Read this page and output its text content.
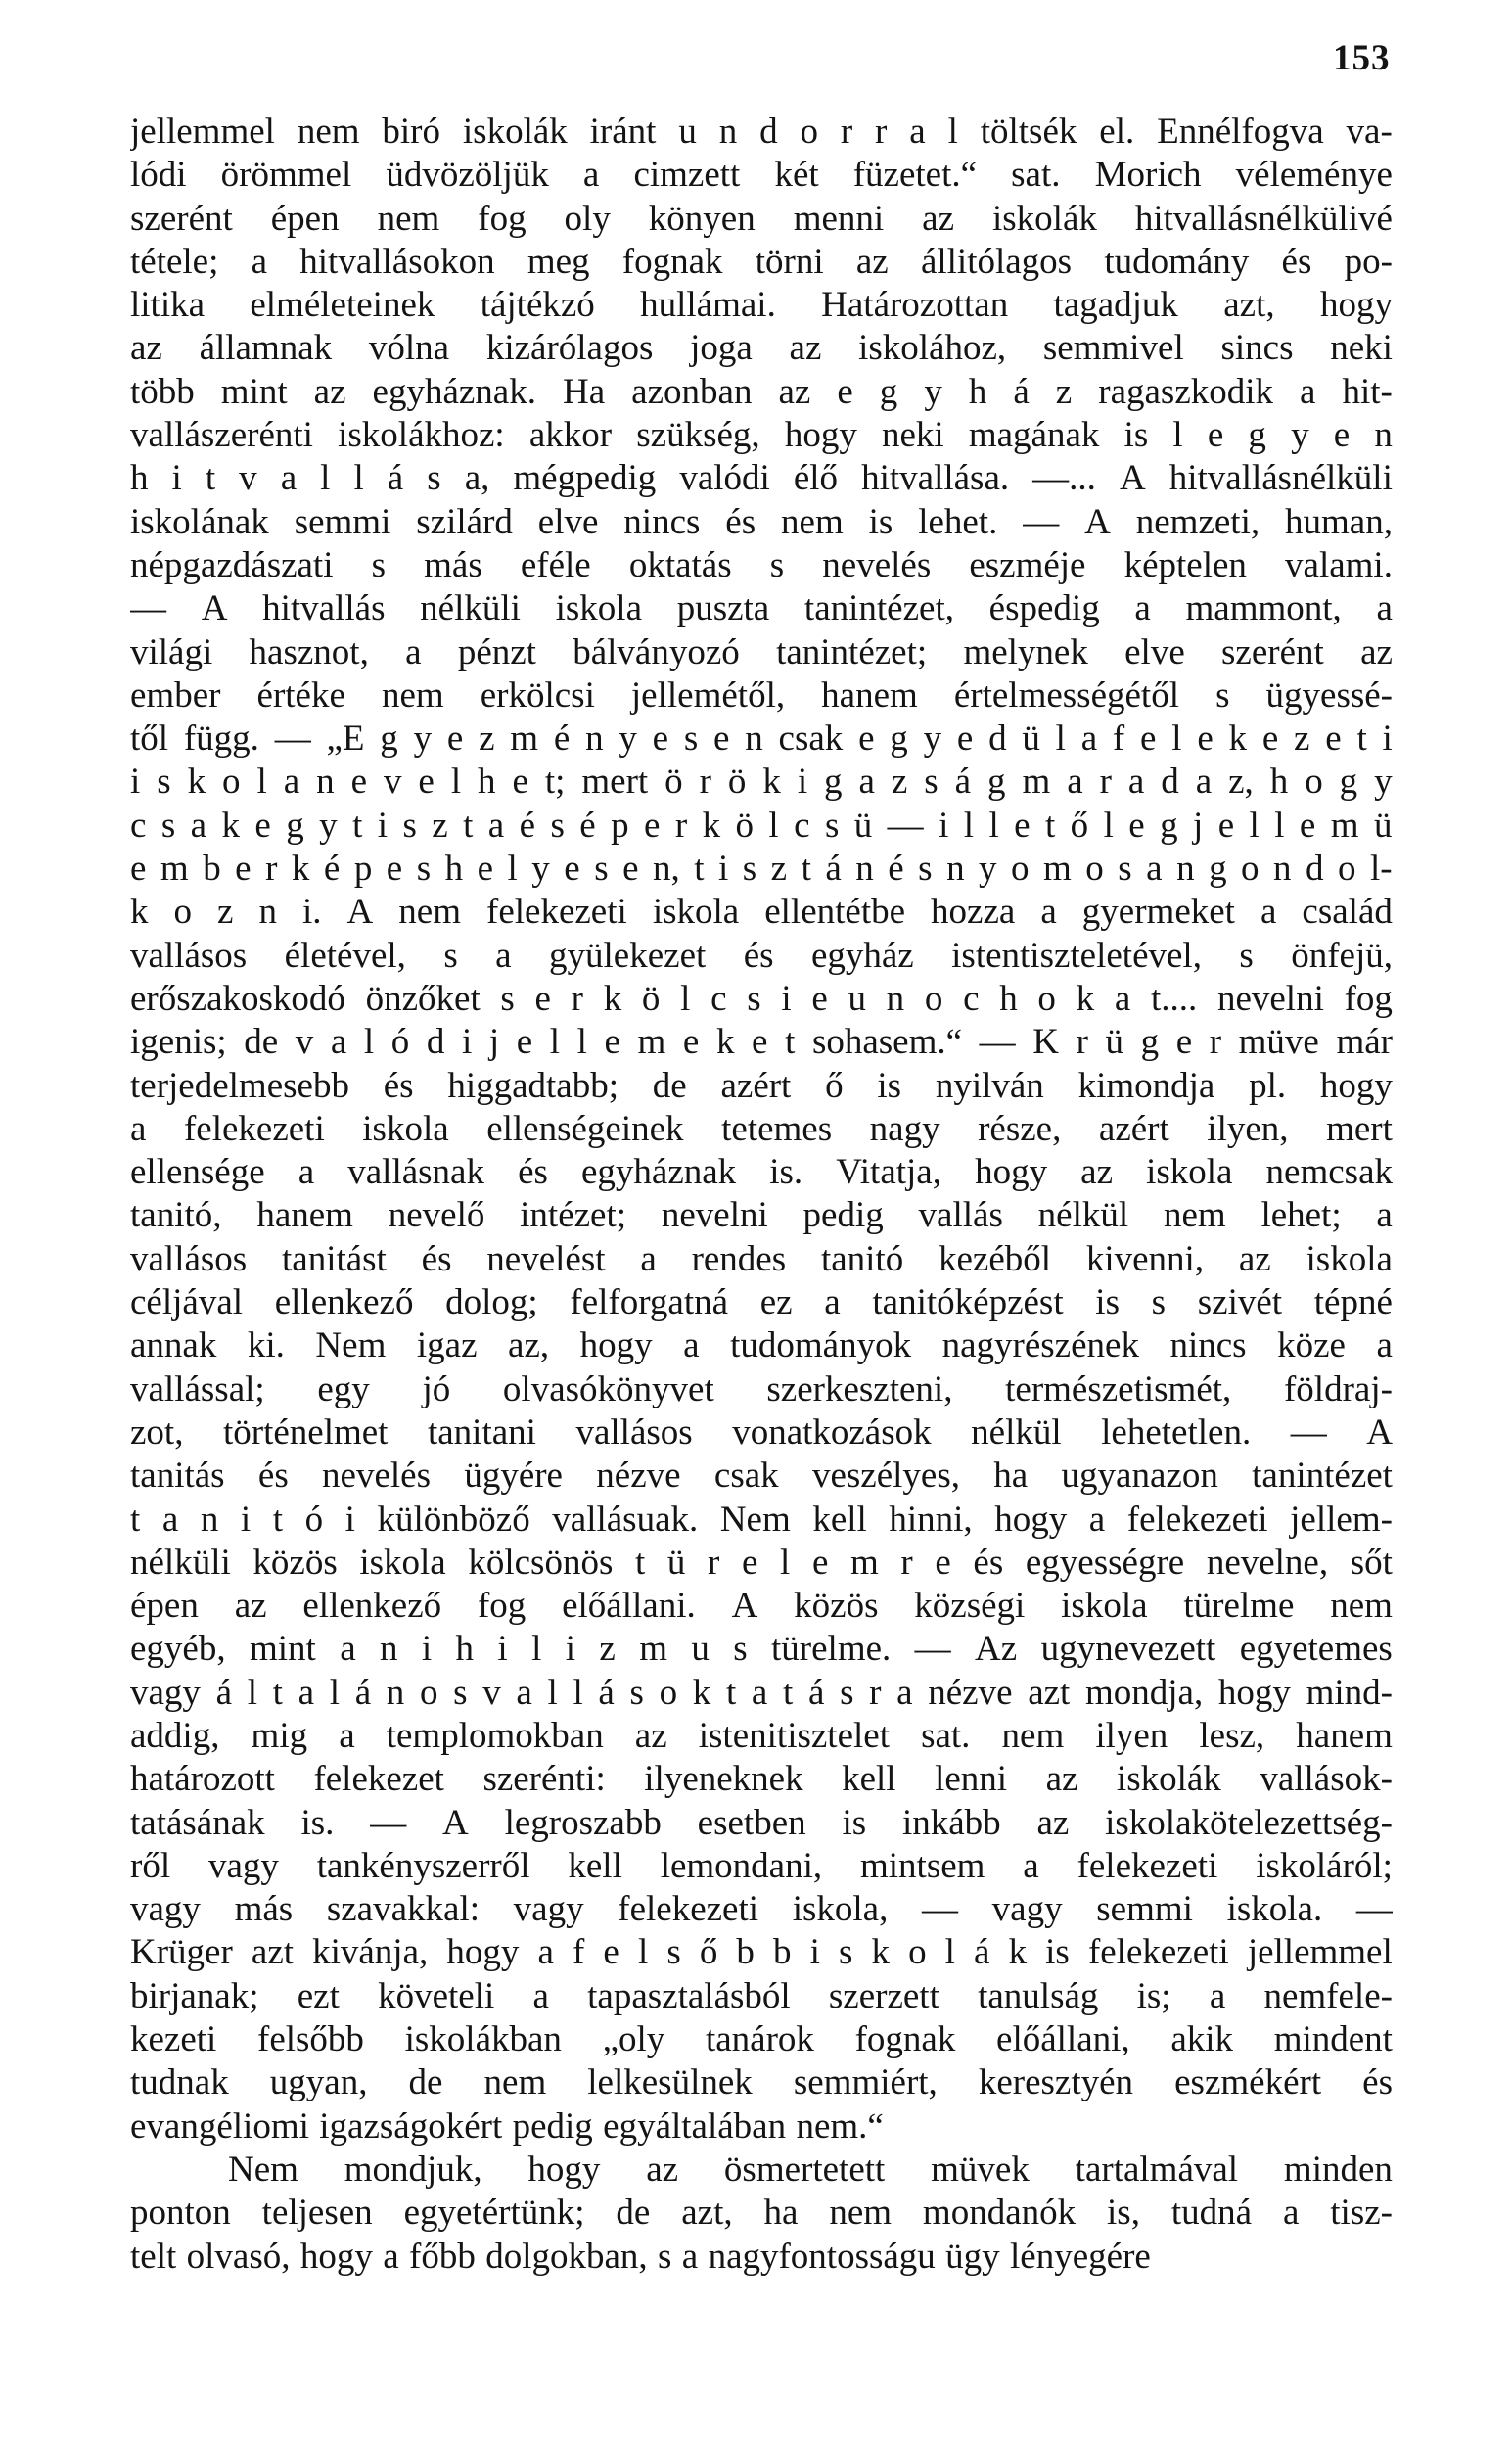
153
jellemmel nem biró iskolák iránt u n d o r r a l töltsék el. Ennélfogva va-
lódi örömmel üdvözöljük a cimzett két füzetet.“ sat. Morich véleménye
szerént épen nem fog oly könyen menni az iskolák hitvallásnélkülivé
tétele; a hitvallásokon meg fognak törni az állitólagos tudomány és po-
litika elméleteinek tájtékzó hullámai. Határozottan tagadjuk azt, hogy
az államnak vólna kizárólagos joga az iskolához, semmivel sincs neki
több mint az egyháznak. Ha azonban az e g y h á z ragaszkodik a hit-
vallászerénti iskolákhoz: akkor szükség, hogy neki magának is l e g y e n
h i t v a l l á s a, mégpedig valódi élő hitvallása. —... A hitvallásnélküli
iskolának semmi szilárd elve nincs és nem is lehet. — A nemzeti, human,
népgazdászati s más eféle oktatás s nevelés eszméje képtelen valami.
— A hitvallás nélküli iskola puszta tanintézet, éspedig a mammont, a
világi hasznot, a pénzt bálványozó tanintézet; melynek elve szerént az
ember értéke nem erkölcsi jellemétől, hanem értelmességétől s ügyessé-
től függ. — „E g y e z m é n y e s e n csak e g y e d ü l a f e l e k e z e t i
i s k o l a n e v e l h e t; mert ö r ö k i g a z s á g m a r a d a z, h o g y
c s a k e g y t i s z t a é s é p e r k ö l c s ü — i l l e t ő l e g j e l l e m ü
e m b e r k é p e s h e l y e s e n, t i s z t á n é s n y o m o s a n g o n d o l-
k o z n i. A nem felekezeti iskola ellentétbe hozza a gyermeket a család
vallásos életével, s a gyülekezet és egyház istentiszteletével, s önfejü,
erőszakoskodó önzőket s e r k ö l c s i e u n o c h o k a t.... nevelni fog
igenis; de v a l ó d i j e l l e m e k e t sohasem.“ — K r ü g e r müve már
terjedelmesebb és higgadtabb; de azért ő is nyilván kimondja pl. hogy
a felekezeti iskola ellenségeinek tetemes nagy része, azért ilyen, mert
ellensége a vallásnak és egyháznak is. Vitatja, hogy az iskola nemcsak
tanitó, hanem nevelő intézet; nevelni pedig vallás nélkül nem lehet; a
vallásos tanitást és nevelést a rendes tanitó kezéből kivenni, az iskola
céljával ellenkező dolog; felforgatná ez a tanitóképzést is s szivét tépné
annak ki. Nem igaz az, hogy a tudományok nagyrészének nincs köze a
vallással; egy jó olvasókönyvet szerkeszteni, természetismét, földraj-
zot, történelmet tanitani vallásos vonatkozások nélkül lehetetlen. — A
tanitás és nevelés ügyére nézve csak veszélyes, ha ugyanazon tanintézet
t a n i t ó i különböző vallásuak. Nem kell hinni, hogy a felekezeti jellem-
nélküli közös iskola kölcsönös t ü r e l e m r e és egyességre nevelne, sőt
épen az ellenkező fog előállani. A közös községi iskola türelme nem
egyéb, mint a n i h i l i z m u s türelme. — Az ugynevezett egyetemes
vagy á l t a l á n o s v a l l á s o k t a t á s r a nézve azt mondja, hogy mind-
addig, mig a templomokban az istenitisztelet sat. nem ilyen lesz, hanem
határozott felekezet szerénti: ilyeneknek kell lenni az iskolák vallások-
tatásának is. — A legroszabb esetben is inkább az iskolakötelezettség-
ről vagy tankényszerről kell lemondani, mintsem a felekezeti iskoláról;
vagy más szavakkal: vagy felekezeti iskola, — vagy semmi iskola. —
Krüger azt kivánja, hogy a f e l s ő b b i s k o l á k is felekezeti jellemmel
birjanak; ezt követeli a tapasztalásból szerzett tanulság is; a nemfele-
kezeti felsőbb iskolákban „oly tanárok fognak előállani, akik mindent
tudnak ugyan, de nem lelkesülnek semmiért, keresztyén eszmékért és
evangéliomi igazságokért pedig egyáltalában nem.“
Nem mondjuk, hogy az ösmertetett müvek tartalmával minden
ponton teljesen egyetértünk; de azt, ha nem mondanók is, tudná a tisz-
telt olvasó, hogy a főbb dolgokban, s a nagyfontosságu ügy lényegére
